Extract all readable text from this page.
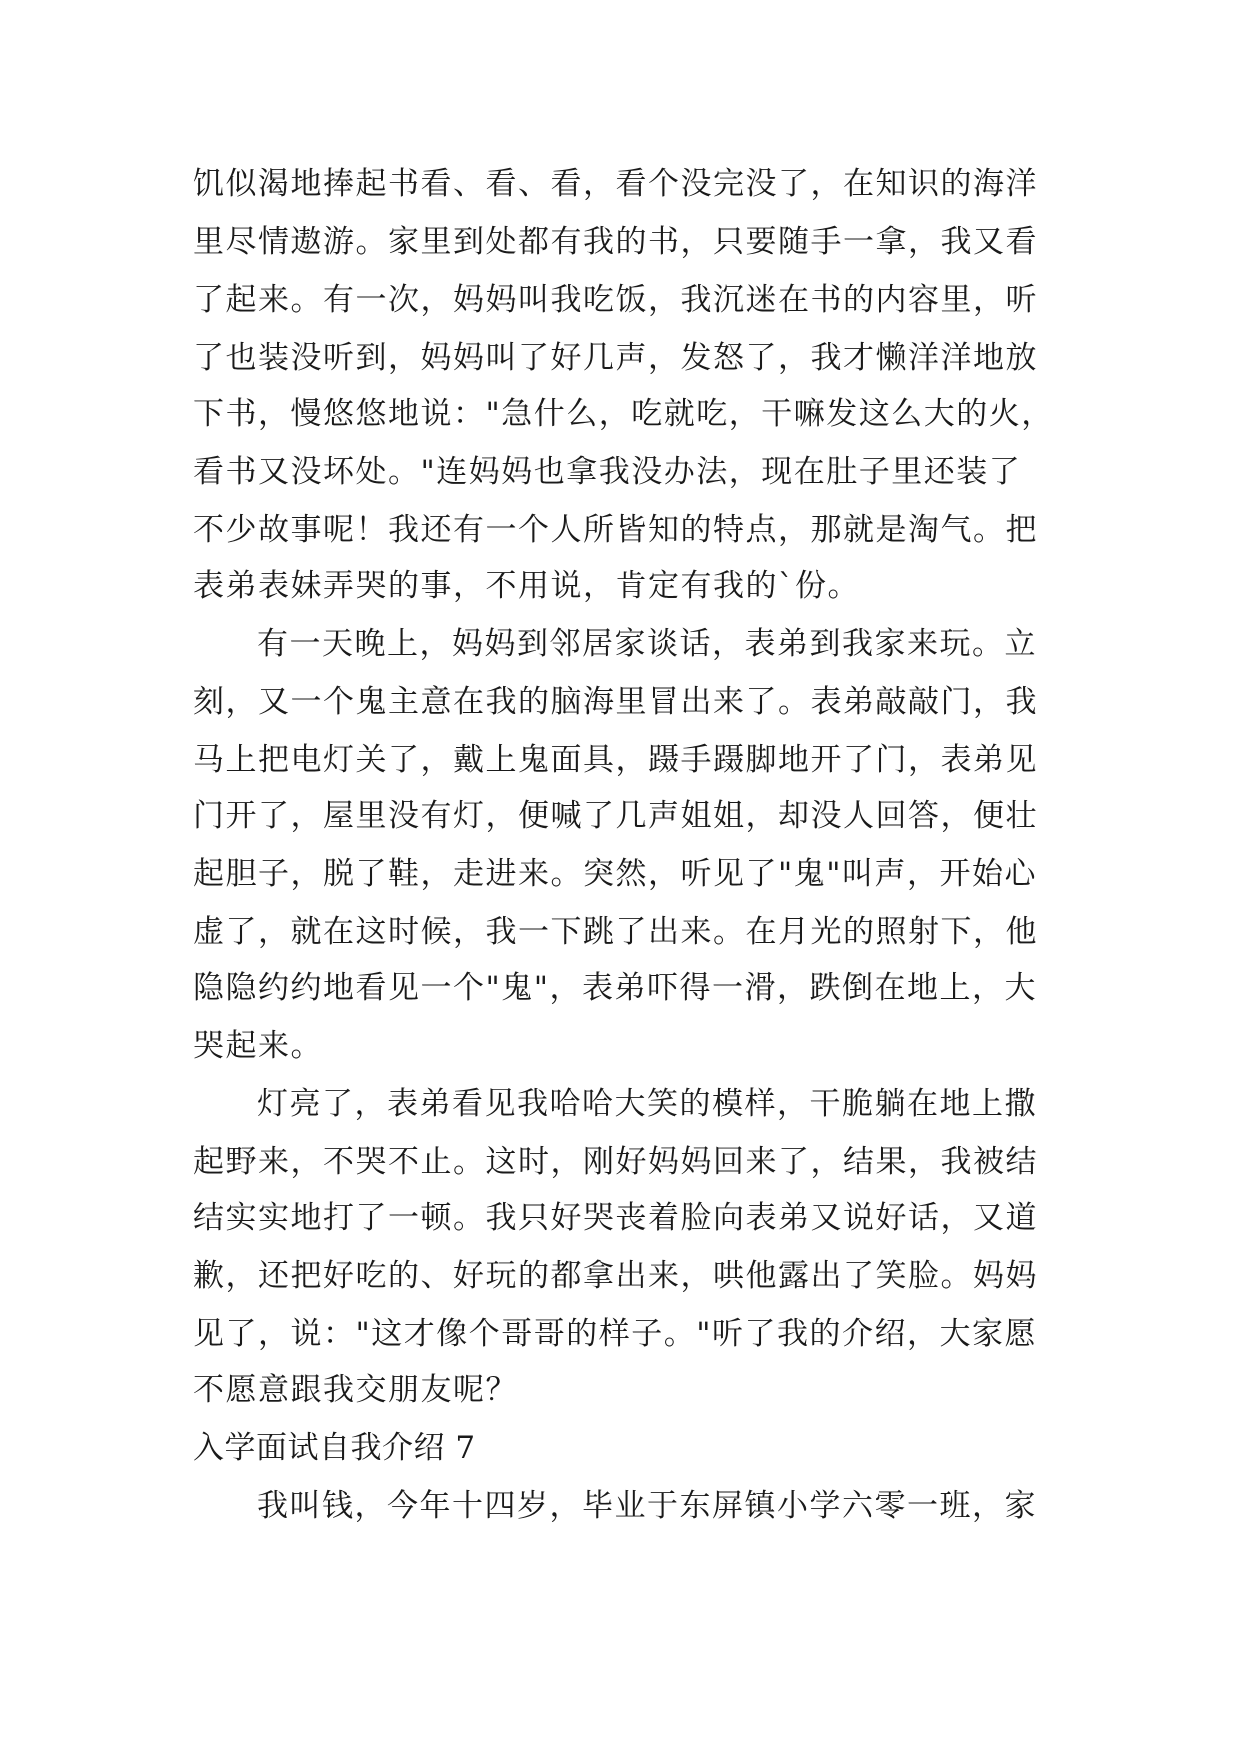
饥似渴地捧起书看、看、看，看个没完没了，在知识的海洋
里尽情遨游。家里到处都有我的书，只要随手一拿，我又看
了起来。有一次，妈妈叫我吃饭，我沉迷在书的内容里，听
了也装没听到，妈妈叫了好几声，发怒了，我才懒洋洋地放
下书，慢悠悠地说："急什么，吃就吃，干嘛发这么大的火，
看书又没坏处。"连妈妈也拿我没办法，现在肚子里还装了
不少故事呢！我还有一个人所皆知的特点，那就是淘气。把
表弟表妹弄哭的事，不用说，肯定有我的`份。
有一天晚上，妈妈到邻居家谈话，表弟到我家来玩。立
刻，又一个鬼主意在我的脑海里冒出来了。表弟敲敲门，我
马上把电灯关了，戴上鬼面具，蹑手蹑脚地开了门，表弟见
门开了，屋里没有灯，便喊了几声姐姐，却没人回答，便壮
起胆子，脱了鞋，走进来。突然，听见了"鬼"叫声，开始心
虚了，就在这时候，我一下跳了出来。在月光的照射下，他
隐隐约约地看见一个"鬼"，表弟吓得一滑，跌倒在地上，大
哭起来。
灯亮了，表弟看见我哈哈大笑的模样，干脆躺在地上撒
起野来，不哭不止。这时，刚好妈妈回来了，结果，我被结
结实实地打了一顿。我只好哭丧着脸向表弟又说好话，又道
歉，还把好吃的、好玩的都拿出来，哄他露出了笑脸。妈妈
见了，说："这才像个哥哥的样子。"听了我的介绍，大家愿
不愿意跟我交朋友呢？
入学面试自我介绍 7
我叫钱，今年十四岁，毕业于东屏镇小学六零一班，家
